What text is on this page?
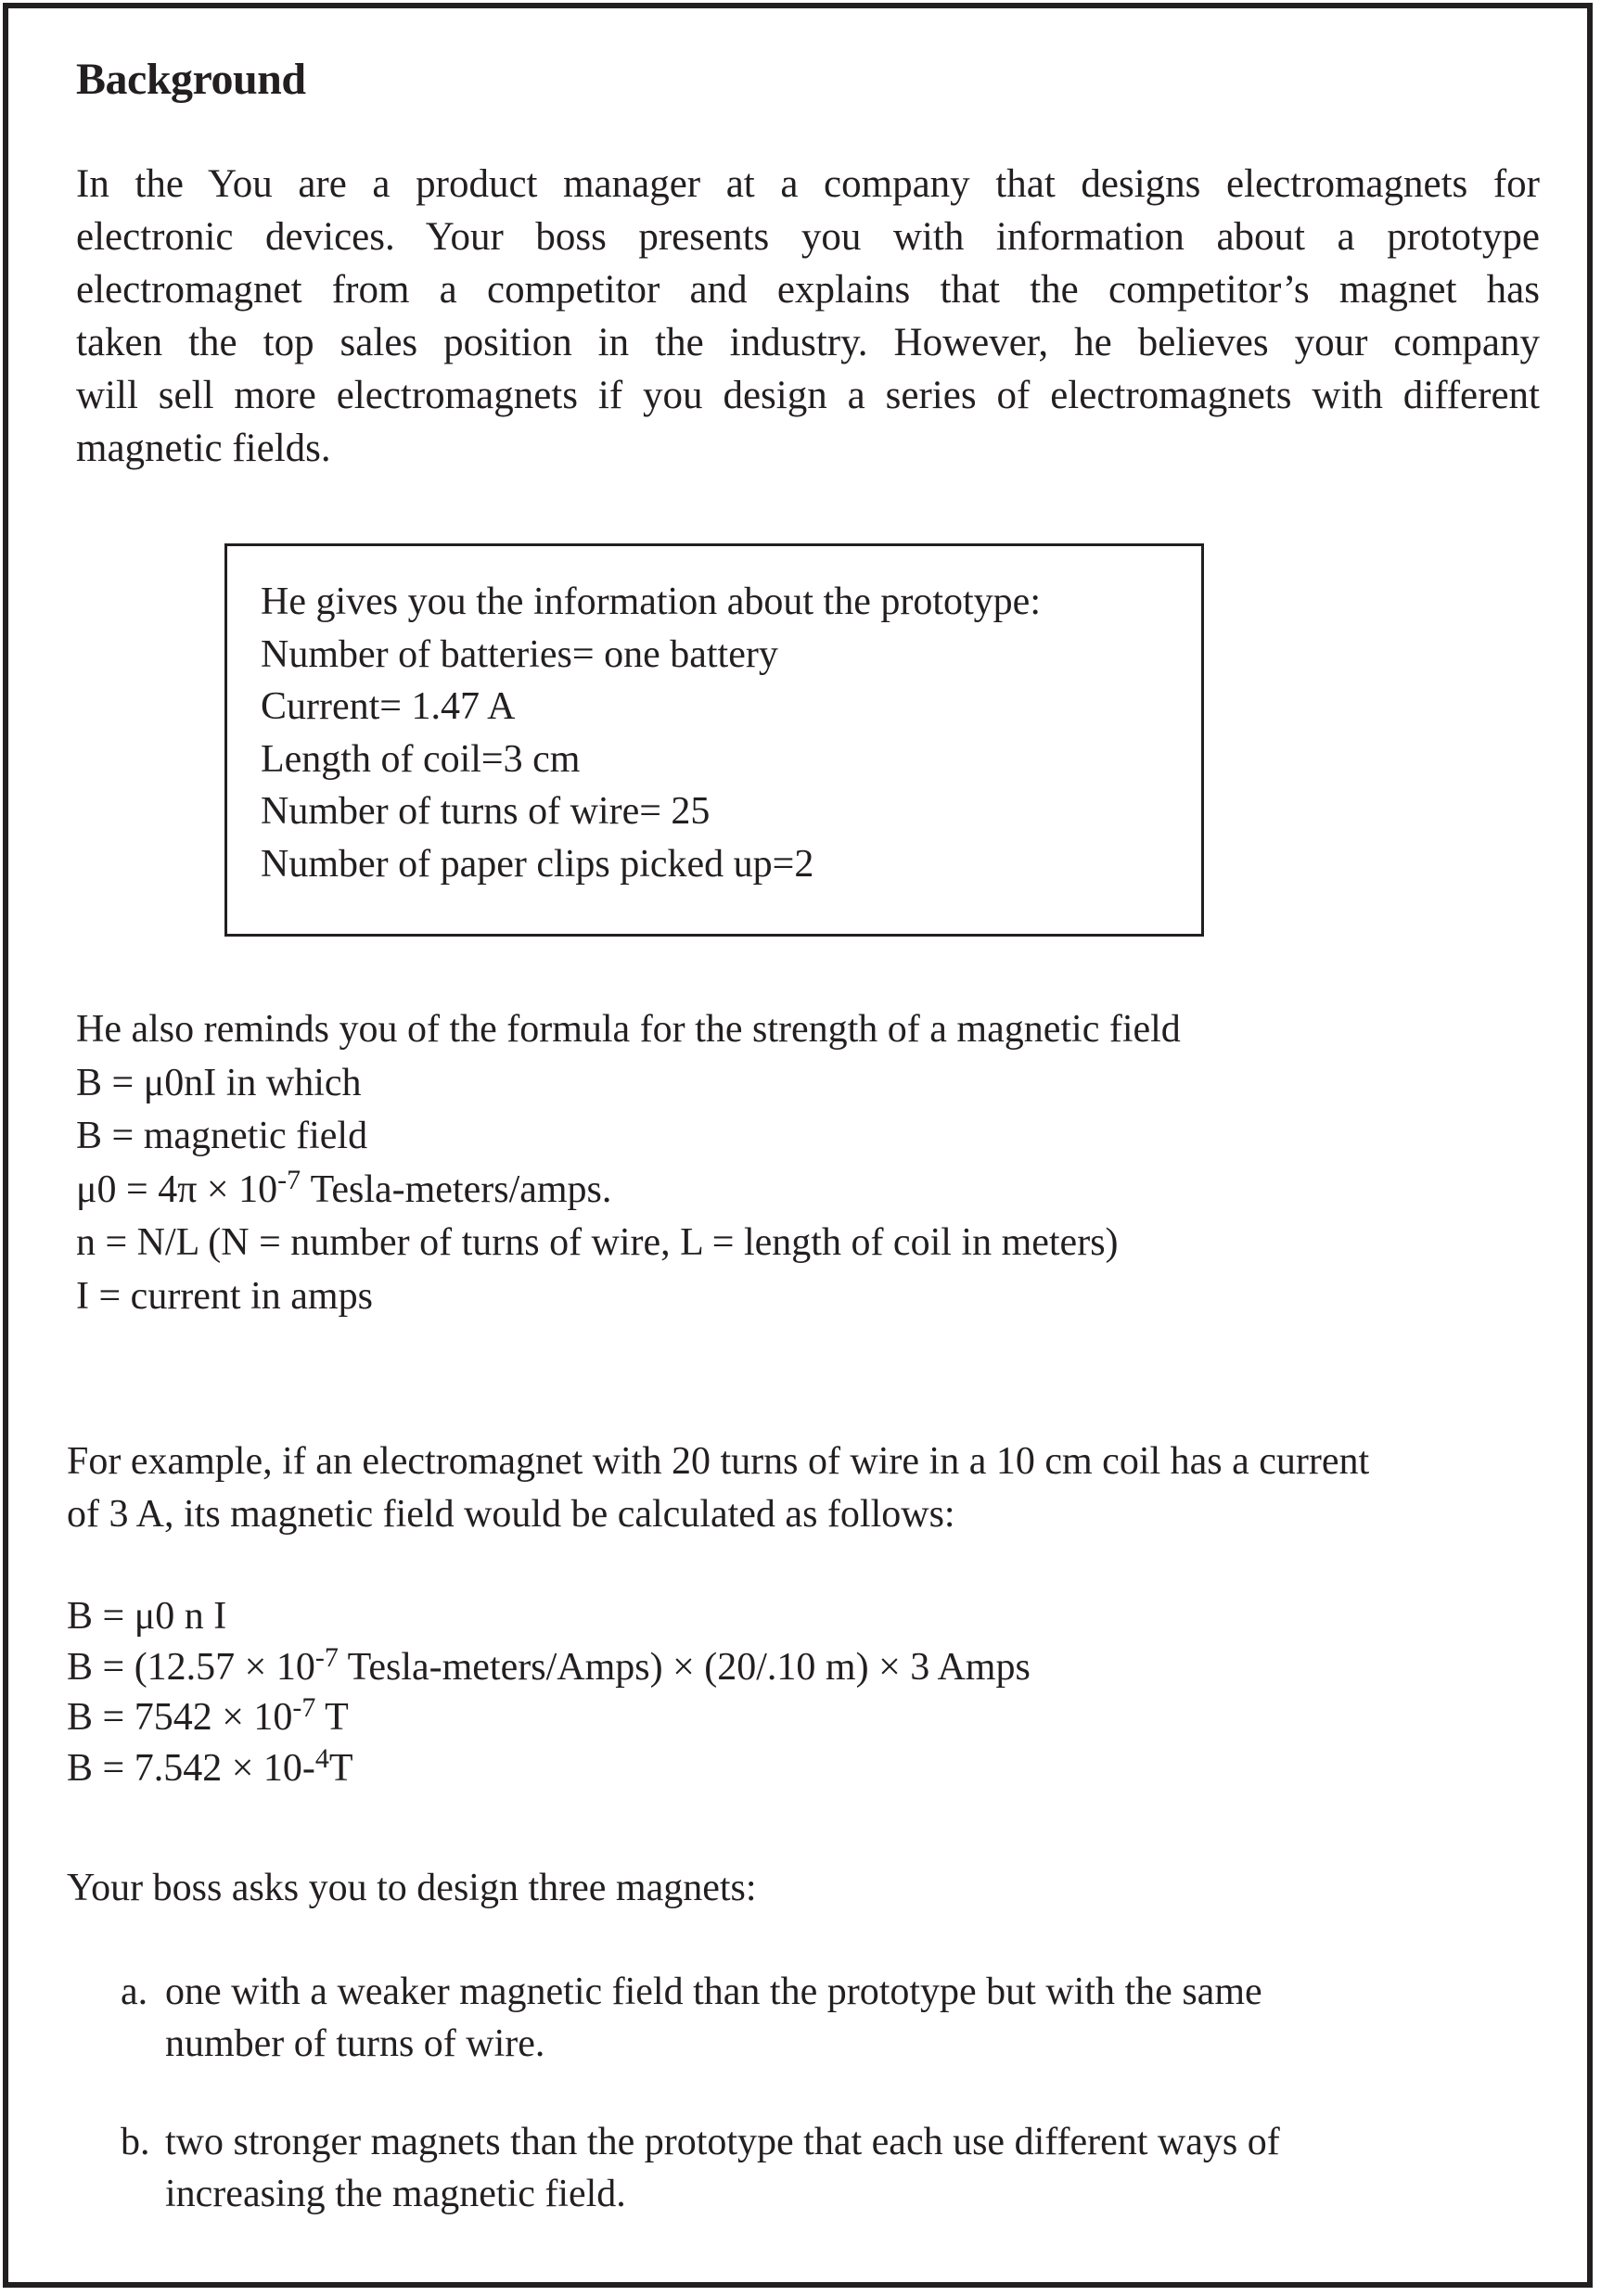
Background
In the You are a product manager at a company that designs electromagnets for
electronic devices. Your boss presents you with information about a prototype
electromagnet from a competitor and explains that the competitor’s magnet has
taken the top sales position in the industry. However, he believes your company
will sell more electromagnets if you design a series of electromagnets with different
magnetic fields.
He gives you the information about the prototype:
Number of batteries= one battery
Current= 1.47 A
Length of coil=3 cm
Number of turns of wire= 25
Number of paper clips picked up=2
He also reminds you of the formula for the strength of a magnetic field
B = μ0nI in which
B = magnetic field
$\mu 0 = 4\pi \times 10^{-7}$ Tesla-meters/amps.
n = N/L (N = number of turns of wire, L = length of coil in meters)
I = current in amps
For example, if an electromagnet with 20 turns of wire in a 10 cm coil has a current
of 3 A, its magnetic field would be calculated as follows:
B = μ0 n I
$B = (12.57 \times 10^{-7}$ Tesla-meters/Amps) × (20/.10 m) × 3 Amps
$B = 7542 \times 10^{-7}$ T
B = 7.542 × 10-$^4$T
Your boss asks you to design three magnets:
a. one with a weaker magnetic field than the prototype but with the same
number of turns of wire.
b. two stronger magnets than the prototype that each use different ways of
increasing the magnetic field.
